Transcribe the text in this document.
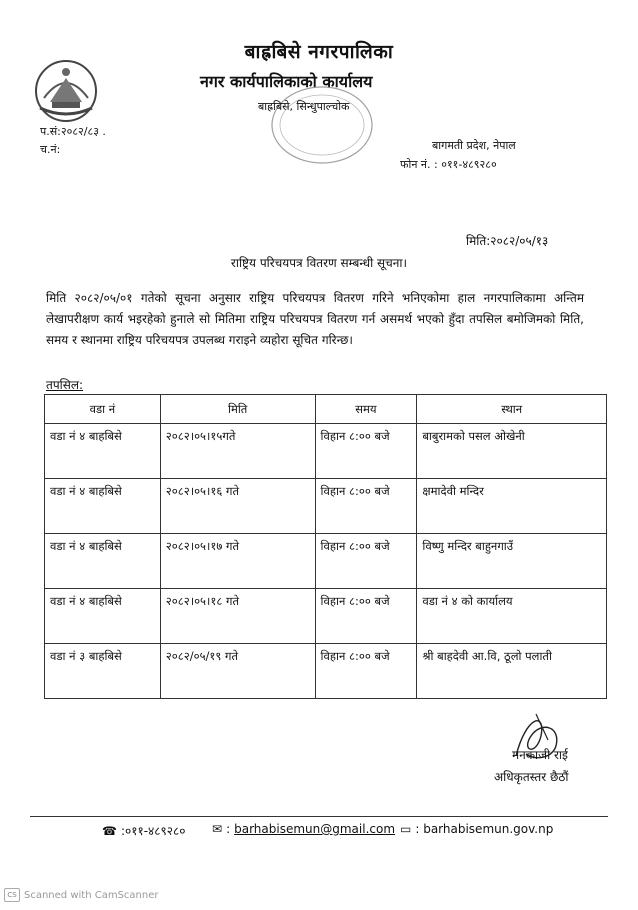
बाह्रबिसे नगरपालिका
नगर कार्यपालिकाको कार्यालय
बाह्रबिसे, सिन्धुपाल्चोक
प.सं:२०८२/८३ .
च.नं:	बागमती प्रदेश, नेपाल
फोन नं. : ०११-४८९२८०
मिति:२०८२/०५/१३
राष्ट्रिय परिचयपत्र वितरण सम्बन्धी सूचना।
मिति २०८२/०५/०१ गतेको सूचना अनुसार राष्ट्रिय परिचयपत्र वितरण गरिने भनिएकोमा हाल नगरपालिकामा अन्तिम लेखापरीक्षण कार्य भइरहेको हुनाले सो मितिमा राष्ट्रिय परिचयपत्र वितरण गर्न असमर्थ भएको हुँदा तपसिल बमोजिमको मिति, समय र स्थानमा राष्ट्रिय परिचयपत्र उपलब्ध गराइने व्यहोरा सूचित गरिन्छ।
तपसिल:
वडा नं	मिति	समय	स्थान
वडा नं ४ बाहबिसे	२०८२।०५।१५गते	विहान ८:०० बजे	बाबुरामको पसल ओखेनी
वडा नं ४ बाहबिसे	२०८२।०५।१६ गते	विहान ८:०० बजे	क्षमादेवी मन्दिर
वडा नं ४ बाहबिसे	२०८२।०५।१७ गते	विहान ८:०० बजे	विष्णु मन्दिर बाहुनगाउँ
वडा नं ४ बाहबिसे	२०८२।०५।१८ गते	विहान ८:०० बजे	वडा नं ४ को कार्यालय
वडा नं ३ बाहबिसे	२०८२/०५/१९ गते	विहान ८:०० बजे	श्री बाहदेवी आ.वि, ठूलो पलाती
मनकाजी राई
अधिकृतस्तर छैठौं
☎ :०११-४८९२८० ✉ : barhabisemun@gmail.com ▭ : barhabisemun.gov.np
CS Scanned with CamScanner
